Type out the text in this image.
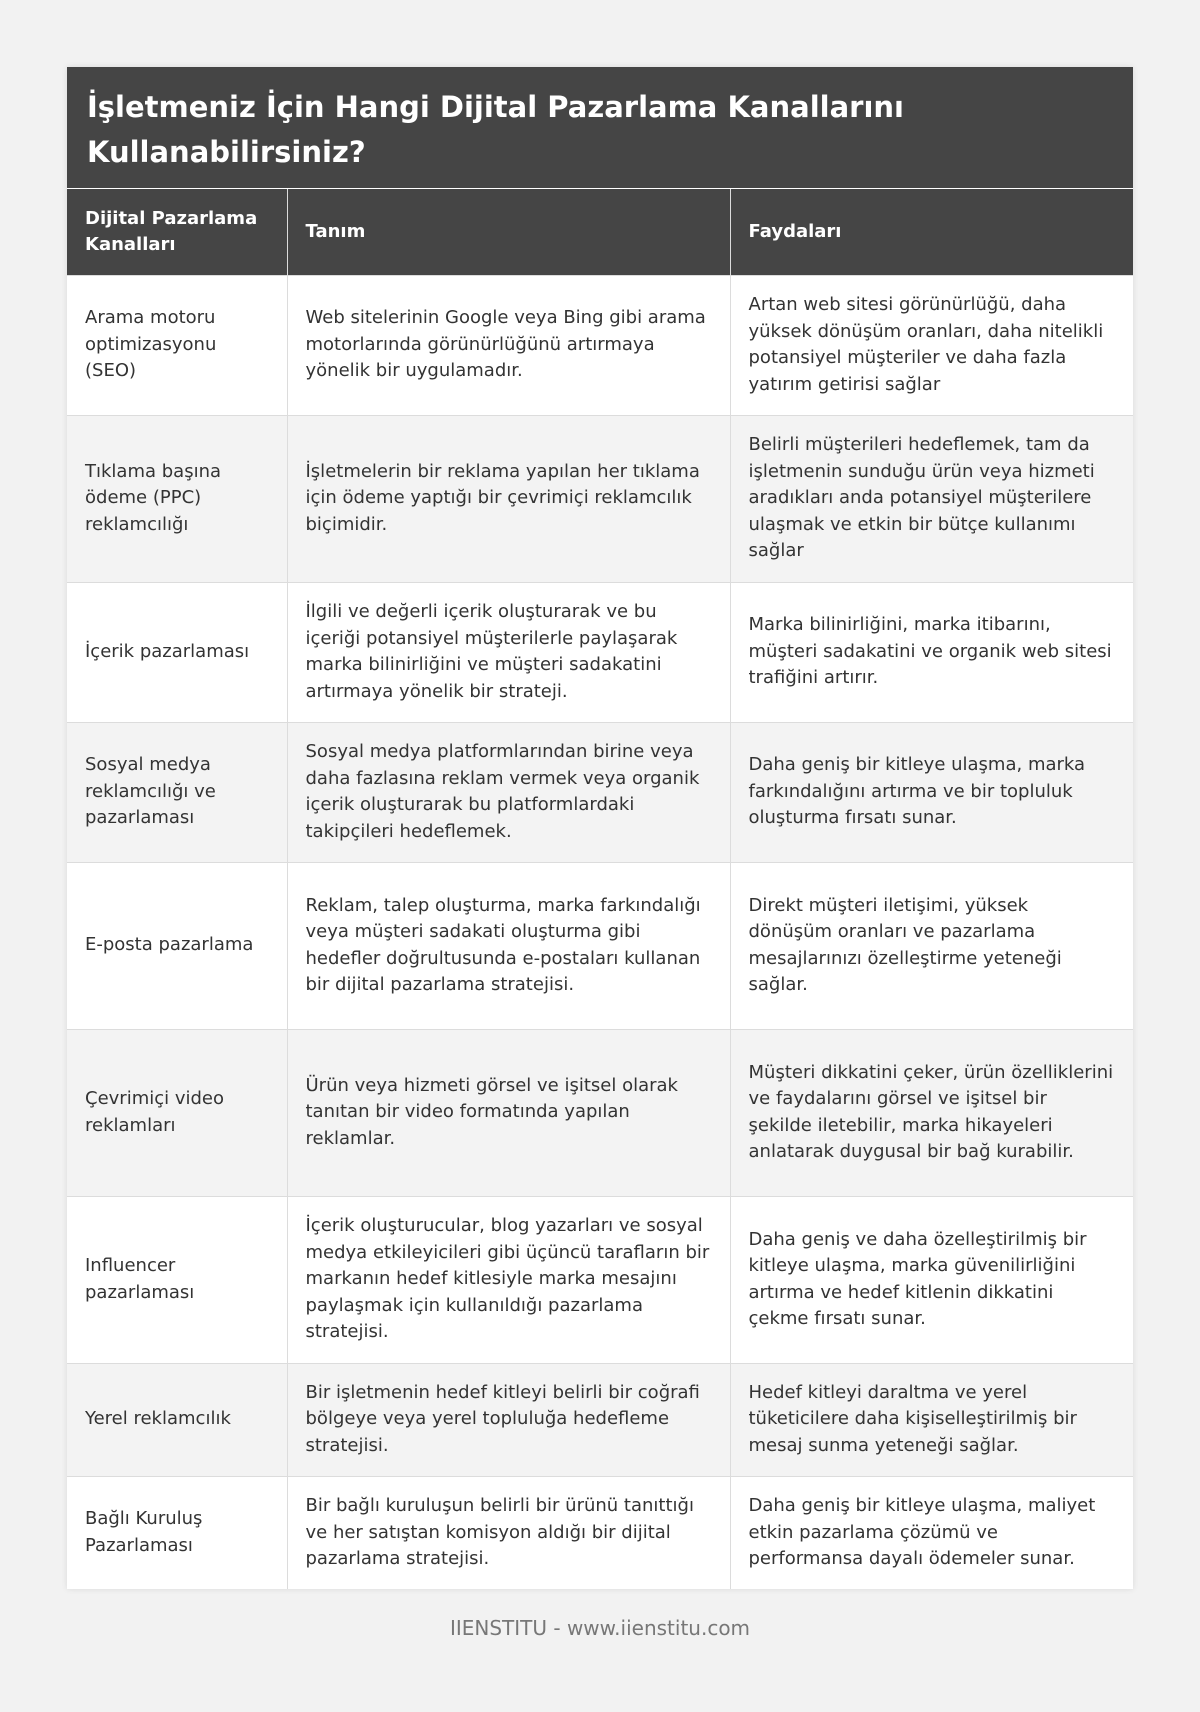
İşletmeniz İçin Hangi Dijital Pazarlama Kanallarını Kullanabilirsiniz?
Dijital Pazarlama Kanalları	Tanım	Faydaları
Arama motoru optimizasyonu (SEO)	Web sitelerinin Google veya Bing gibi arama motorlarında görünürlüğünü artırmaya yönelik bir uygulamadır.	Artan web sitesi görünürlüğü, daha yüksek dönüşüm oranları, daha nitelikli potansiyel müşteriler ve daha fazla yatırım getirisi sağlar
Tıklama başına ödeme (PPC) reklamcılığı	İşletmelerin bir reklama yapılan her tıklama için ödeme yaptığı bir çevrimiçi reklamcılık biçimidir.	Belirli müşterileri hedeflemek, tam da işletmenin sunduğu ürün veya hizmeti aradıkları anda potansiyel müşterilere ulaşmak ve etkin bir bütçe kullanımı sağlar
İçerik pazarlaması	İlgili ve değerli içerik oluşturarak ve bu içeriği potansiyel müşterilerle paylaşarak marka bilinirliğini ve müşteri sadakatini artırmaya yönelik bir strateji.	Marka bilinirliğini, marka itibarını, müşteri sadakatini ve organik web sitesi trafiğini artırır.
Sosyal medya reklamcılığı ve pazarlaması	Sosyal medya platformlarından birine veya daha fazlasına reklam vermek veya organik içerik oluşturarak bu platformlardaki takipçileri hedeflemek.	Daha geniş bir kitleye ulaşma, marka farkındalığını artırma ve bir topluluk oluşturma fırsatı sunar.
E-posta pazarlama	Reklam, talep oluşturma, marka farkındalığı veya müşteri sadakati oluşturma gibi hedefler doğrultusunda e-postaları kullanan bir dijital pazarlama stratejisi.	Direkt müşteri iletişimi, yüksek dönüşüm oranları ve pazarlama mesajlarınızı özelleştirme yeteneği sağlar.
Çevrimiçi video reklamları	Ürün veya hizmeti görsel ve işitsel olarak tanıtan bir video formatında yapılan reklamlar.	Müşteri dikkatini çeker, ürün özelliklerini ve faydalarını görsel ve işitsel bir şekilde iletebilir, marka hikayeleri anlatarak duygusal bir bağ kurabilir.
Influencer pazarlaması	İçerik oluşturucular, blog yazarları ve sosyal medya etkileyicileri gibi üçüncü tarafların bir markanın hedef kitlesiyle marka mesajını paylaşmak için kullanıldığı pazarlama stratejisi.	Daha geniş ve daha özelleştirilmiş bir kitleye ulaşma, marka güvenilirliğini artırma ve hedef kitlenin dikkatini çekme fırsatı sunar.
Yerel reklamcılık	Bir işletmenin hedef kitleyi belirli bir coğrafi bölgeye veya yerel topluluğa hedefleme stratejisi.	Hedef kitleyi daraltma ve yerel tüketicilere daha kişiselleştirilmiş bir mesaj sunma yeteneği sağlar.
Bağlı Kuruluş Pazarlaması	Bir bağlı kuruluşun belirli bir ürünü tanıttığı ve her satıştan komisyon aldığı bir dijital pazarlama stratejisi.	Daha geniş bir kitleye ulaşma, maliyet etkin pazarlama çözümü ve performansa dayalı ödemeler sunar.
IIENSTITU - www.iienstitu.com
